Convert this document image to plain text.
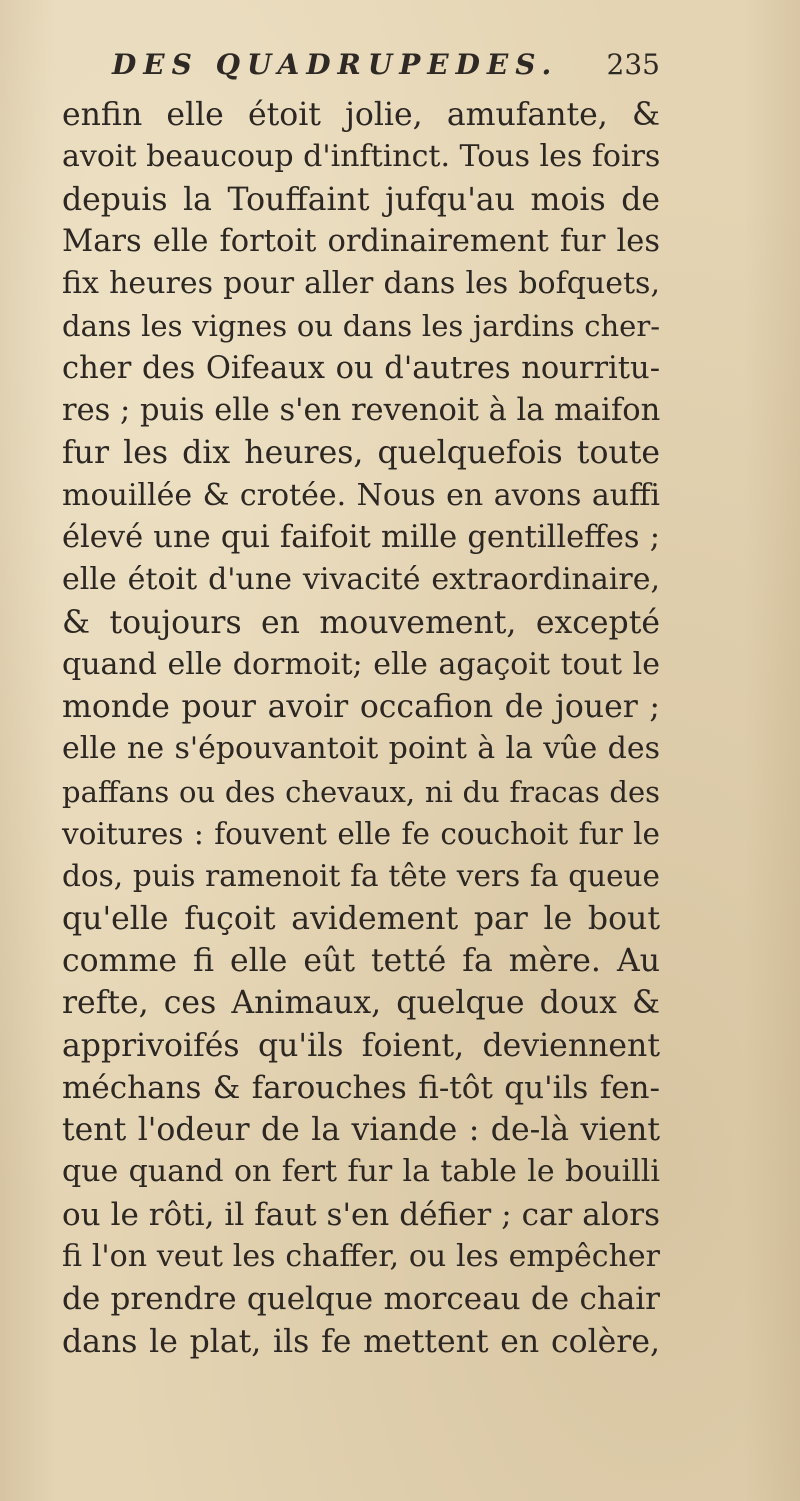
DES QUADRUPEDES. 235
enfin elle étoit jolie, amufante, &
avoit beaucoup d'inftinct. Tous les foirs
depuis la Touffaint jufqu'au mois de
Mars elle fortoit ordinairement fur les
fix heures pour aller dans les bofquets,
dans les vignes ou dans les jardins cher-
cher des Oifeaux ou d'autres nourritu-
res ; puis elle s'en revenoit à la maifon
fur les dix heures, quelquefois toute
mouillée & crotée. Nous en avons auffi
élevé une qui faifoit mille gentilleffes ;
elle étoit d'une vivacité extraordinaire,
& toujours en mouvement, excepté
quand elle dormoit; elle agaçoit tout le
monde pour avoir occafion de jouer ;
elle ne s'épouvantoit point à la vûe des
paffans ou des chevaux, ni du fracas des
voitures : fouvent elle fe couchoit fur le
dos, puis ramenoit fa tête vers fa queue
qu'elle fuçoit avidement par le bout
comme fi elle eût tetté fa mère. Au
refte, ces Animaux, quelque doux &
apprivoifés qu'ils foient, deviennent
méchans & farouches fi-tôt qu'ils fen-
tent l'odeur de la viande : de-là vient
que quand on fert fur la table le bouilli
ou le rôti, il faut s'en défier ; car alors
fi l'on veut les chaffer, ou les empêcher
de prendre quelque morceau de chair
dans le plat, ils fe mettent en colère,
